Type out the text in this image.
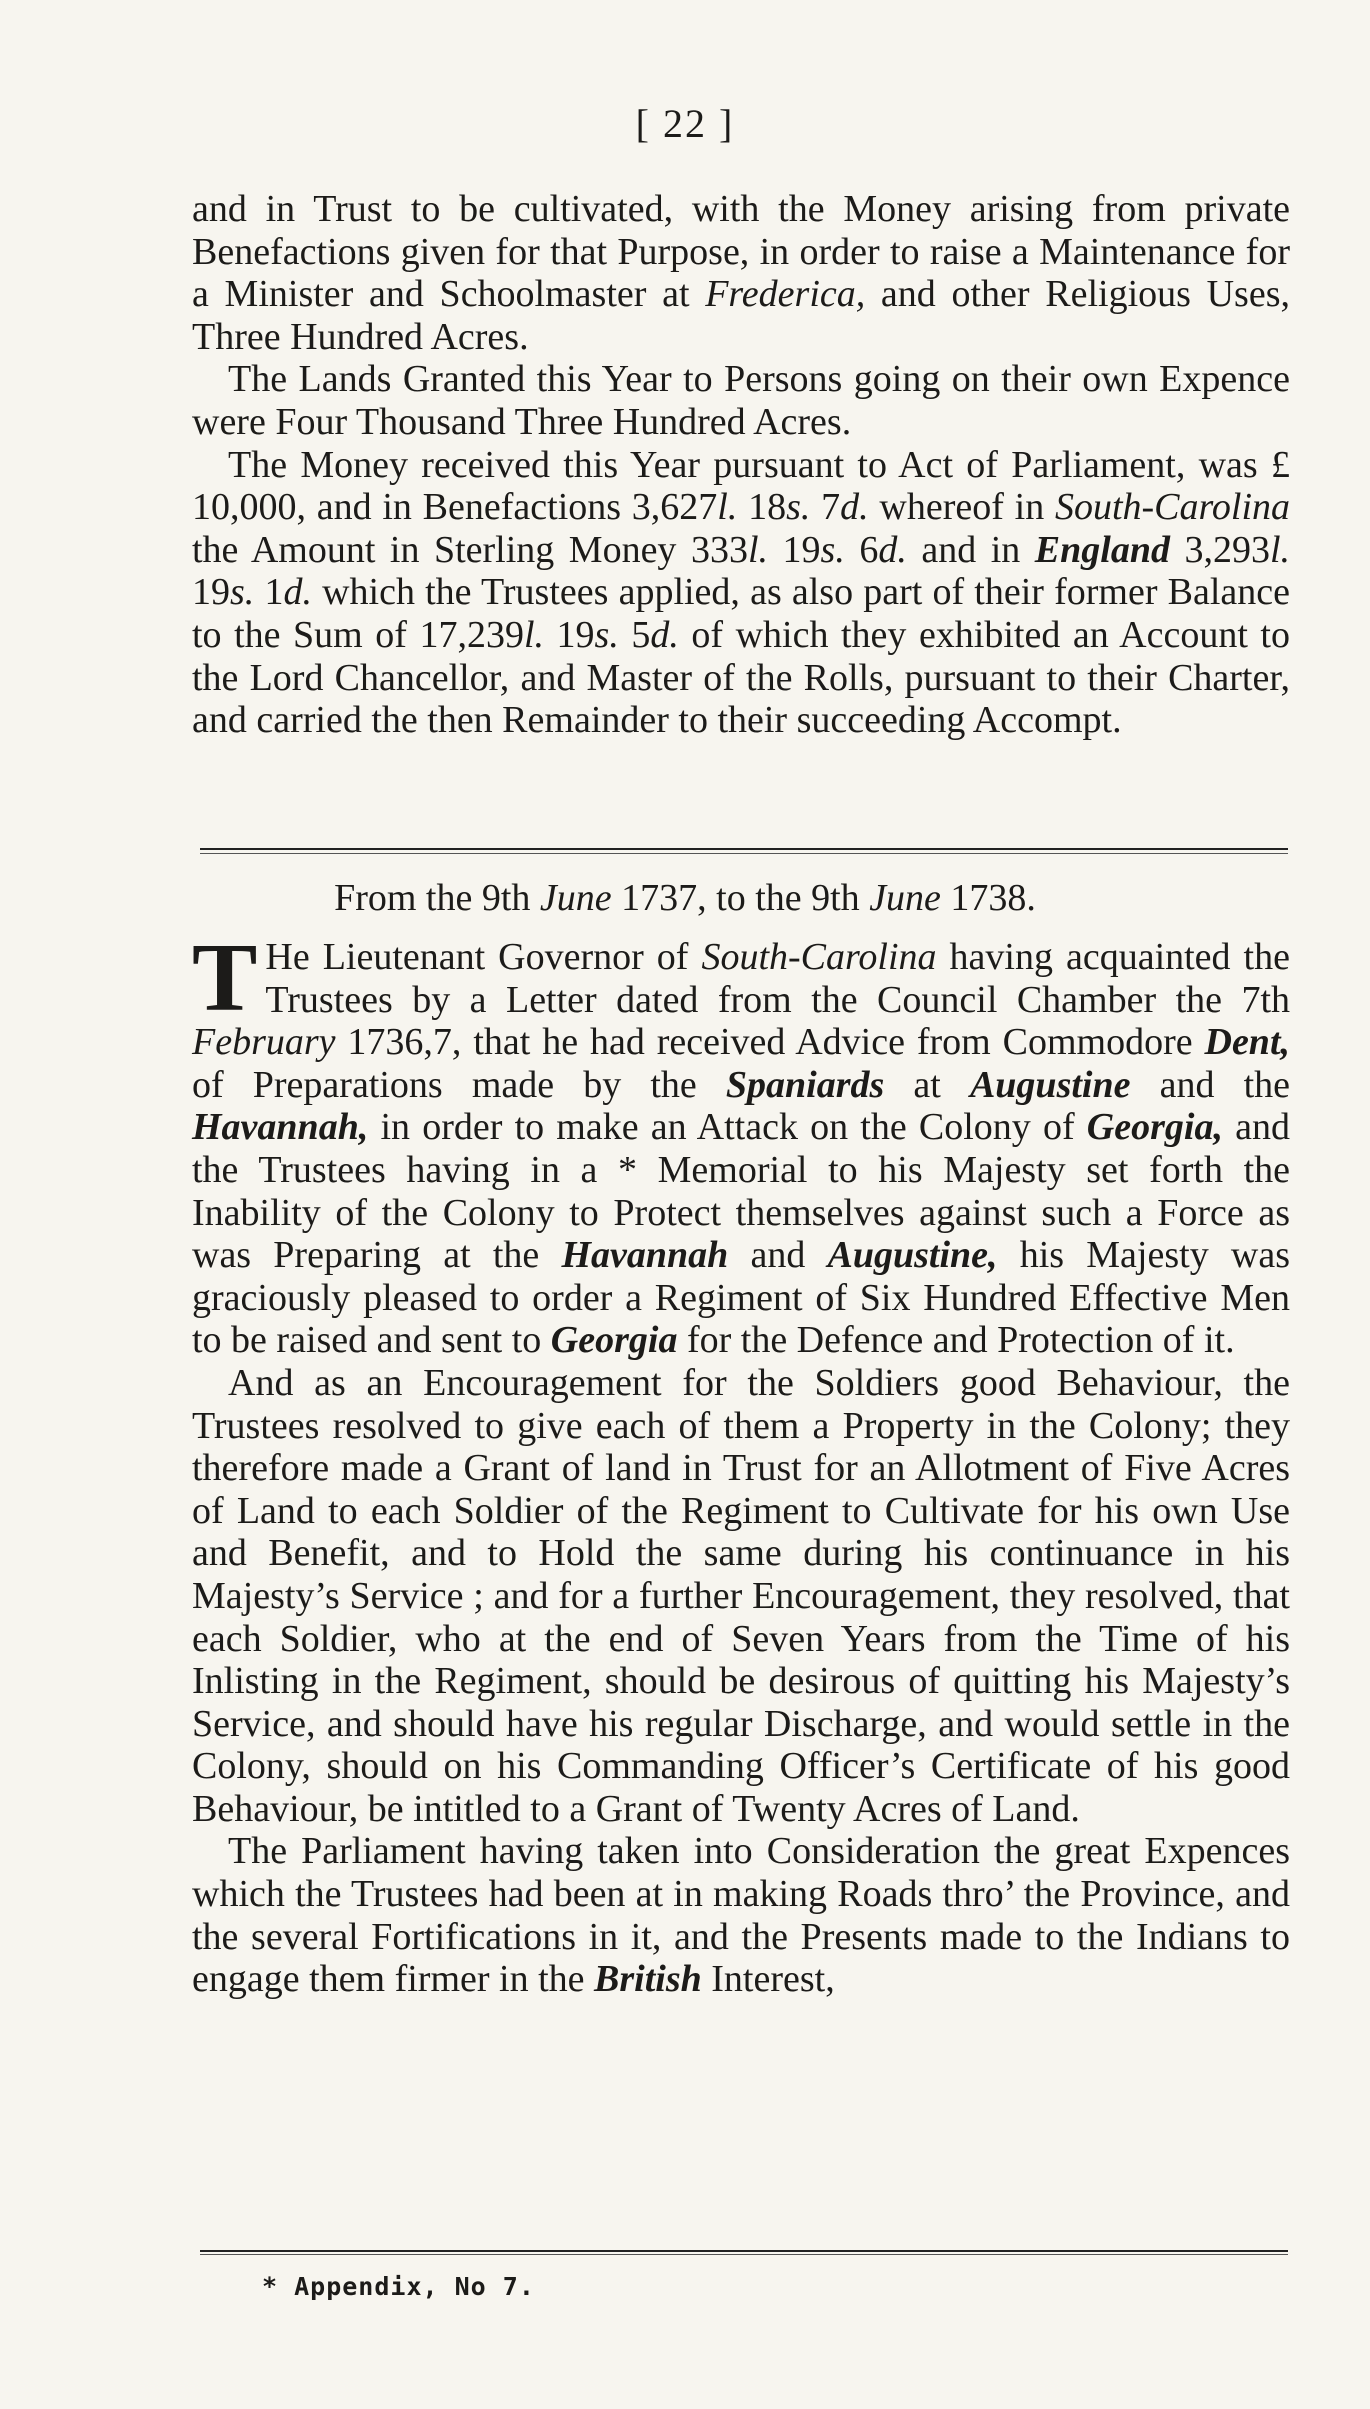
[ 22 ]

and in Trust to be cultivated, with the Money arising from private Benefactions given for that Purpose, in order to raise a Maintenance for a Minister and Schoolmaster at Frederica, and other Religious Uses, Three Hundred Acres.

The Lands Granted this Year to Persons going on their own Expence were Four Thousand Three Hundred Acres.

The Money received this Year pursuant to Act of Parliament, was £ 10,000, and in Benefactions 3,627l. 18s. 7d. whereof in South-Carolina the Amount in Sterling Money 333l. 19s. 6d. and in England 3,293l. 19s. 1d. which the Trustees applied, as also part of their former Balance to the Sum of 17,239l. 19s. 5d. of which they exhibited an Account to the Lord Chancellor, and Master of the Rolls, pursuant to their Charter, and carried the then Remainder to their succeeding Accompt.

From the 9th June 1737, to the 9th June 1738.

T He Lieutenant Governor of South-Carolina having acquainted the Trustees by a Letter dated from the Council Chamber the 7th February 1736,7, that he had received Advice from Commodore Dent, of Preparations made by the Spaniards at Augustine and the Havannah, in order to make an Attack on the Colony of Georgia, and the Trustees having in a * Memorial to his Majesty set forth the Inability of the Colony to Protect themselves against such a Force as was Preparing at the Havannah and Augustine, his Majesty was graciously pleased to order a Regiment of Six Hundred Effective Men to be raised and sent to Georgia for the Defence and Protection of it.

And as an Encouragement for the Soldiers good Behaviour, the Trustees resolved to give each of them a Property in the Colony; they therefore made a Grant of land in Trust for an Allotment of Five Acres of Land to each Soldier of the Regiment to Cultivate for his own Use and Benefit, and to Hold the same during his continuance in his Majesty’s Service ; and for a further Encouragement, they resolved, that each Soldier, who at the end of Seven Years from the Time of his Inlisting in the Regiment, should be desirous of quitting his Majesty’s Service, and should have his regular Discharge, and would settle in the Colony, should on his Commanding Officer’s Certificate of his good Behaviour, be intitled to a Grant of Twenty Acres of Land.

The Parliament having taken into Consideration the great Expences which the Trustees had been at in making Roads thro’ the Province, and the several Fortifications in it, and the Presents made to the Indians to engage them firmer in the British Interest,

* Appendix, No 7.
